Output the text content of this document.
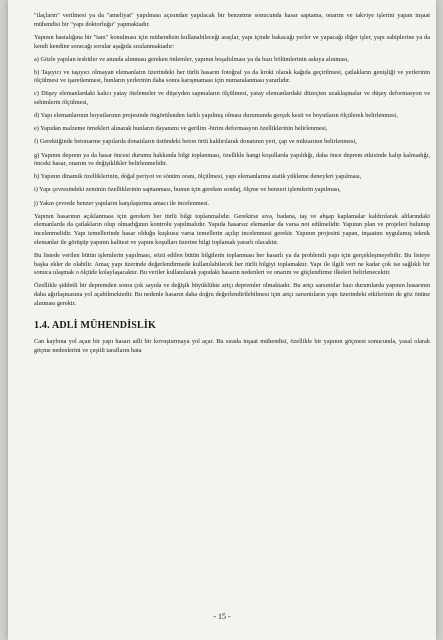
"ilaçların" verilmesi ya da "ameliyat" yapılması açısından yapılacak bir benzetme sonucunda hasar saptama, onarım ve takviye işlerini yapan inşaat mühendisi bir "yapı doktorluğu" yapmaktadır.

Yapının hastalığına bir "tanı" konulması için mühendisin kullanabileceği araçlar, yapı içinde bakacağı yerler ve yapacağı diğer işler, yapı sahiplerine ya da kendi kendine soracağı sorular aşağıda sıralanmaktadır:

a) Gözle yapılan tesbitler ve anında alınması gereken önlemler, yapının boşaltılması ya da bazı bölümlerinin askıya alınması,

b) Taşıyıcı ve taşıyıcı olmayan elemanların üzerindeki her türlü hasarın fotoğraf ya da kroki olarak kağıda geçirilmesi, çatlakların genişliği ve yerlerinin ölçülmesi ve işaretlenmesi, bunların yerlerinin daha sonra karışmaması için numaralanması yararlıdır.

c) Düşey elemanlardaki kalıcı yatay ötelemeler ve düşeyden sapmaların ölçülmesi, yatay elemanlardaki düzeçten uzaklaşmalar ve düşey deformasyon ve sehimlerin ölçülmesi,

d) Yapı elemanlarının boyutlarının projesinde öngörülenden farklı yapılmış olması durumunda gerçek kesit ve boyutların ölçülerek belirlenmesi,

e) Yapıdan malzeme örnekleri alınarak bunların dayanımı ve gerilim -birim deformasyon özelliklerinin belirlenmesi,

f) Gerektiğinde betonarme yapılarda donatıların üstündeki beton örtü kaldırılarak donatının yeri, çap ve miktarının belirlenmesi,

g) Yapının deprem ya da hasar öncesi durumu hakkında bilgi toplanması, özellikle hangi koşullarda yapıldığı, daha önce deprem etkisinde kalıp kalmadığı, önceki hasar, onarım ve değişiklikler belirlenmelidir.

h) Yapının dinamik özelliklerinin, doğal periyot ve sönüm oranı, ölçülmesi, yapı elemanlarına statik yükleme deneyleri yapılması,

i) Yapı çevresindeki zeminin özelliklerinin saptanması, bunun için gereken sondaj, ölçme ve benzeri işlemlerin yapılması,

j) Yakın çevrede benzer yapıların karşılaştırma amacı ile incelenmesi.

Yapının hasarının açıklanması için gereken her türlü bilgi toplanmalıdır. Gerekirse sıva, badana, taş ve ahşap kaplamalar kaldırılarak altlarındaki elemanlarda da çatlakların olup olmadığının kontrolu yapılmalıdır. Yapıda hasarsız elemanlar da varsa not edilmelidir. Yapının plan ve projeleri bulunup incelenmelidir. Yapı temellerinde hasar olduğu kuşkusu varsa temellerin açılıp incelenmesi gerekir. Yapının projesini yapan, inşaatını uygulamış teknik elemanlar ile görüşüp yapının kalitesi ve yapım koşulları üzerine bilgi toplamak yararlı olacaktır.

Bu listede verilen bütün işlemlerin yapılması, sözü edilen bütün bilgilerin toplanması her hasarlı ya da problemli yapı için gerçekleşmeyebilir. Bu listeye başka ekler de olabilir. Amaç yapı üzerinde değerlendirmede kullanılabilecek her türlü bilgiyi toplamaktır. Yapı ile ilgili veri ne kadar çok ise sağlıklı bir sonuca ulaşmak o ölçüde kolaylaşacaktır. Bu veriler kullanılarak yapıdaki hasarın nedenleri ve onarım ve güçlendirme ilkeleri belirlenecektir.

Özellikle şiddetli bir depremden sonra çok sayıda ve değişik büyüklükte artçı depremler olmaktadır. Bu artçı sarsıntılar bazı durumlarda yapının hasarının daha ağırlaşmasına yol açabilmektedir. Bu nedenle hasarın daha doğru değerlendirilebilmesi için artçı sarsıntıların yapı üzerindeki etkilerinin de göz önüne alınması gerekir.

1.4. ADLİ MÜHENDİSLİK

Can kaybına yol açan bir yapı hasarı adli bir kovuşturmaya yol açar. Bu sırada inşaat mühendisi, özellikle bir yapının göçmesi sonucunda, yasal olarak göçme nedenlerini ve çeşitli tarafların hata

- 15 -
